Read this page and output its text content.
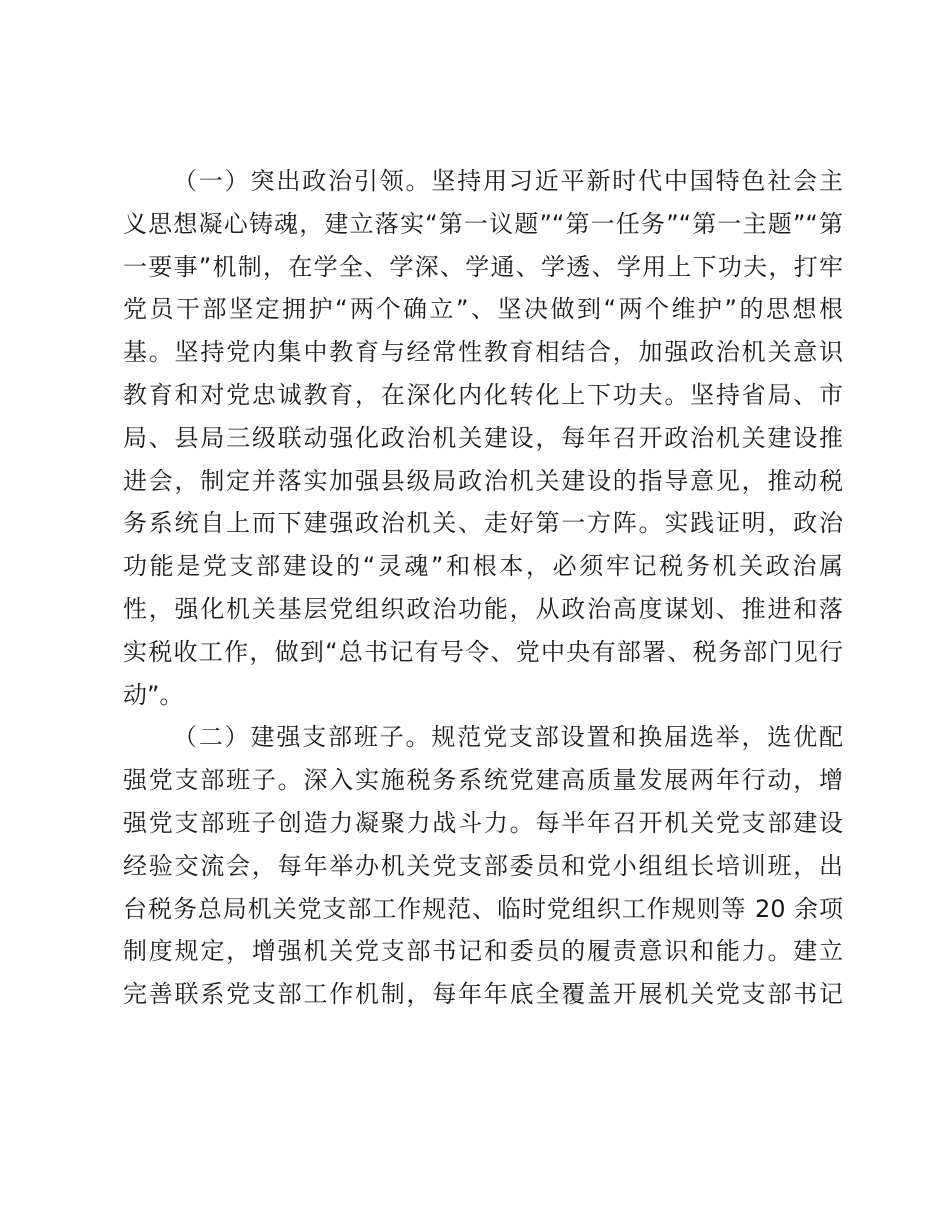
（一）突出政治引领。坚持用习近平新时代中国特色社会主
义思想凝心铸魂，建立落实“第一议题”“第一任务”“第一主题”“第
一要事”机制，在学全、学深、学通、学透、学用上下功夫，打牢
党员干部坚定拥护“两个确立”、坚决做到“两个维护”的思想根
基。坚持党内集中教育与经常性教育相结合，加强政治机关意识
教育和对党忠诚教育，在深化内化转化上下功夫。坚持省局、市
局、县局三级联动强化政治机关建设，每年召开政治机关建设推
进会，制定并落实加强县级局政治机关建设的指导意见，推动税
务系统自上而下建强政治机关、走好第一方阵。实践证明，政治
功能是党支部建设的“灵魂”和根本，必须牢记税务机关政治属
性，强化机关基层党组织政治功能，从政治高度谋划、推进和落
实税收工作，做到“总书记有号令、党中央有部署、税务部门见行
动”。
（二）建强支部班子。规范党支部设置和换届选举，选优配
强党支部班子。深入实施税务系统党建高质量发展两年行动，增
强党支部班子创造力凝聚力战斗力。每半年召开机关党支部建设
经验交流会，每年举办机关党支部委员和党小组组长培训班，出
台税务总局机关党支部工作规范、临时党组织工作规则等 20 余项
制度规定，增强机关党支部书记和委员的履责意识和能力。建立
完善联系党支部工作机制，每年年底全覆盖开展机关党支部书记
